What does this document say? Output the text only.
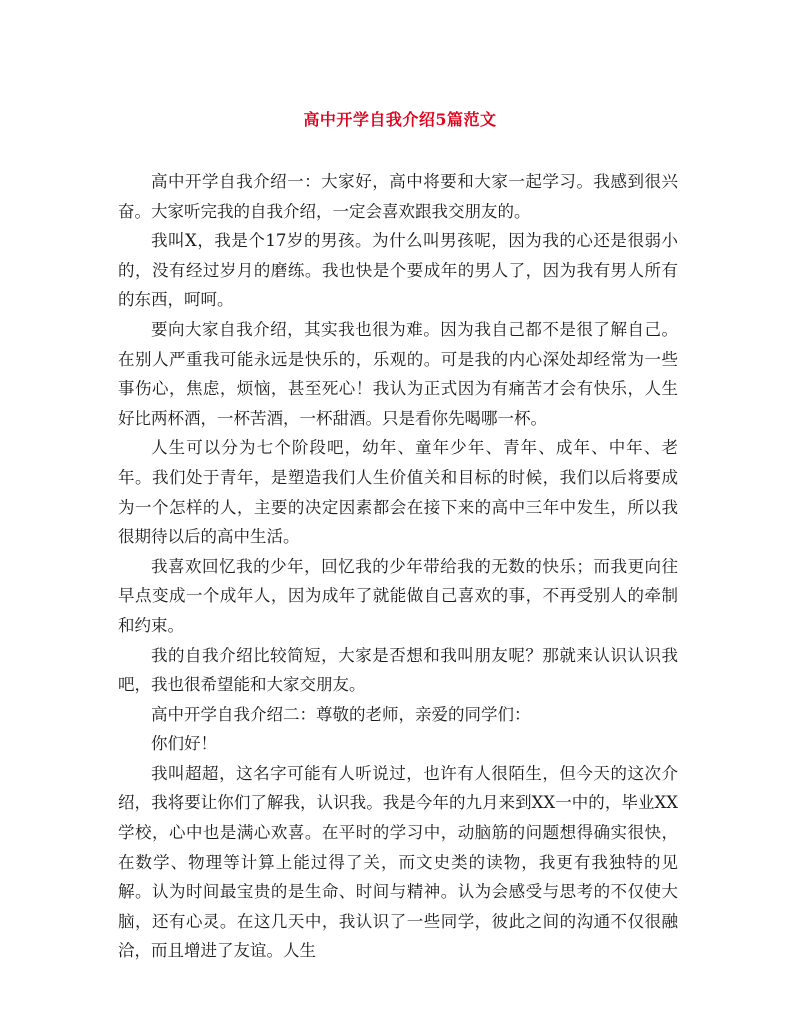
高中开学自我介绍5篇范文

高中开学自我介绍一：大家好，高中将要和大家一起学习。我感到很兴奋。大家听完我的自我介绍，一定会喜欢跟我交朋友的。

我叫X，我是个17岁的男孩。为什么叫男孩呢，因为我的心还是很弱小的，没有经过岁月的磨练。我也快是个要成年的男人了，因为我有男人所有的东西，呵呵。

要向大家自我介绍，其实我也很为难。因为我自己都不是很了解自己。在别人严重我可能永远是快乐的，乐观的。可是我的内心深处却经常为一些事伤心，焦虑，烦恼，甚至死心！我认为正式因为有痛苦才会有快乐，人生好比两杯酒，一杯苦酒，一杯甜酒。只是看你先喝哪一杯。

人生可以分为七个阶段吧，幼年、童年少年、青年、成年、中年、老年。我们处于青年，是塑造我们人生价值关和目标的时候，我们以后将要成为一个怎样的人，主要的决定因素都会在接下来的高中三年中发生，所以我很期待以后的高中生活。

我喜欢回忆我的少年，回忆我的少年带给我的无数的快乐；而我更向往早点变成一个成年人，因为成年了就能做自己喜欢的事，不再受别人的牵制和约束。

我的自我介绍比较简短，大家是否想和我叫朋友呢？那就来认识认识我吧，我也很希望能和大家交朋友。

高中开学自我介绍二：尊敬的老师，亲爱的同学们：

你们好！

我叫超超，这名字可能有人听说过，也许有人很陌生，但今天的这次介绍，我将要让你们了解我，认识我。我是今年的九月来到XX一中的，毕业XX学校，心中也是满心欢喜。在平时的学习中，动脑筋的问题想得确实很快，在数学、物理等计算上能过得了关，而文史类的读物，我更有我独特的见解。认为时间最宝贵的是生命、时间与精神。认为会感受与思考的不仅使大脑，还有心灵。在这几天中，我认识了一些同学，彼此之间的沟通不仅很融洽，而且增进了友谊。人生
